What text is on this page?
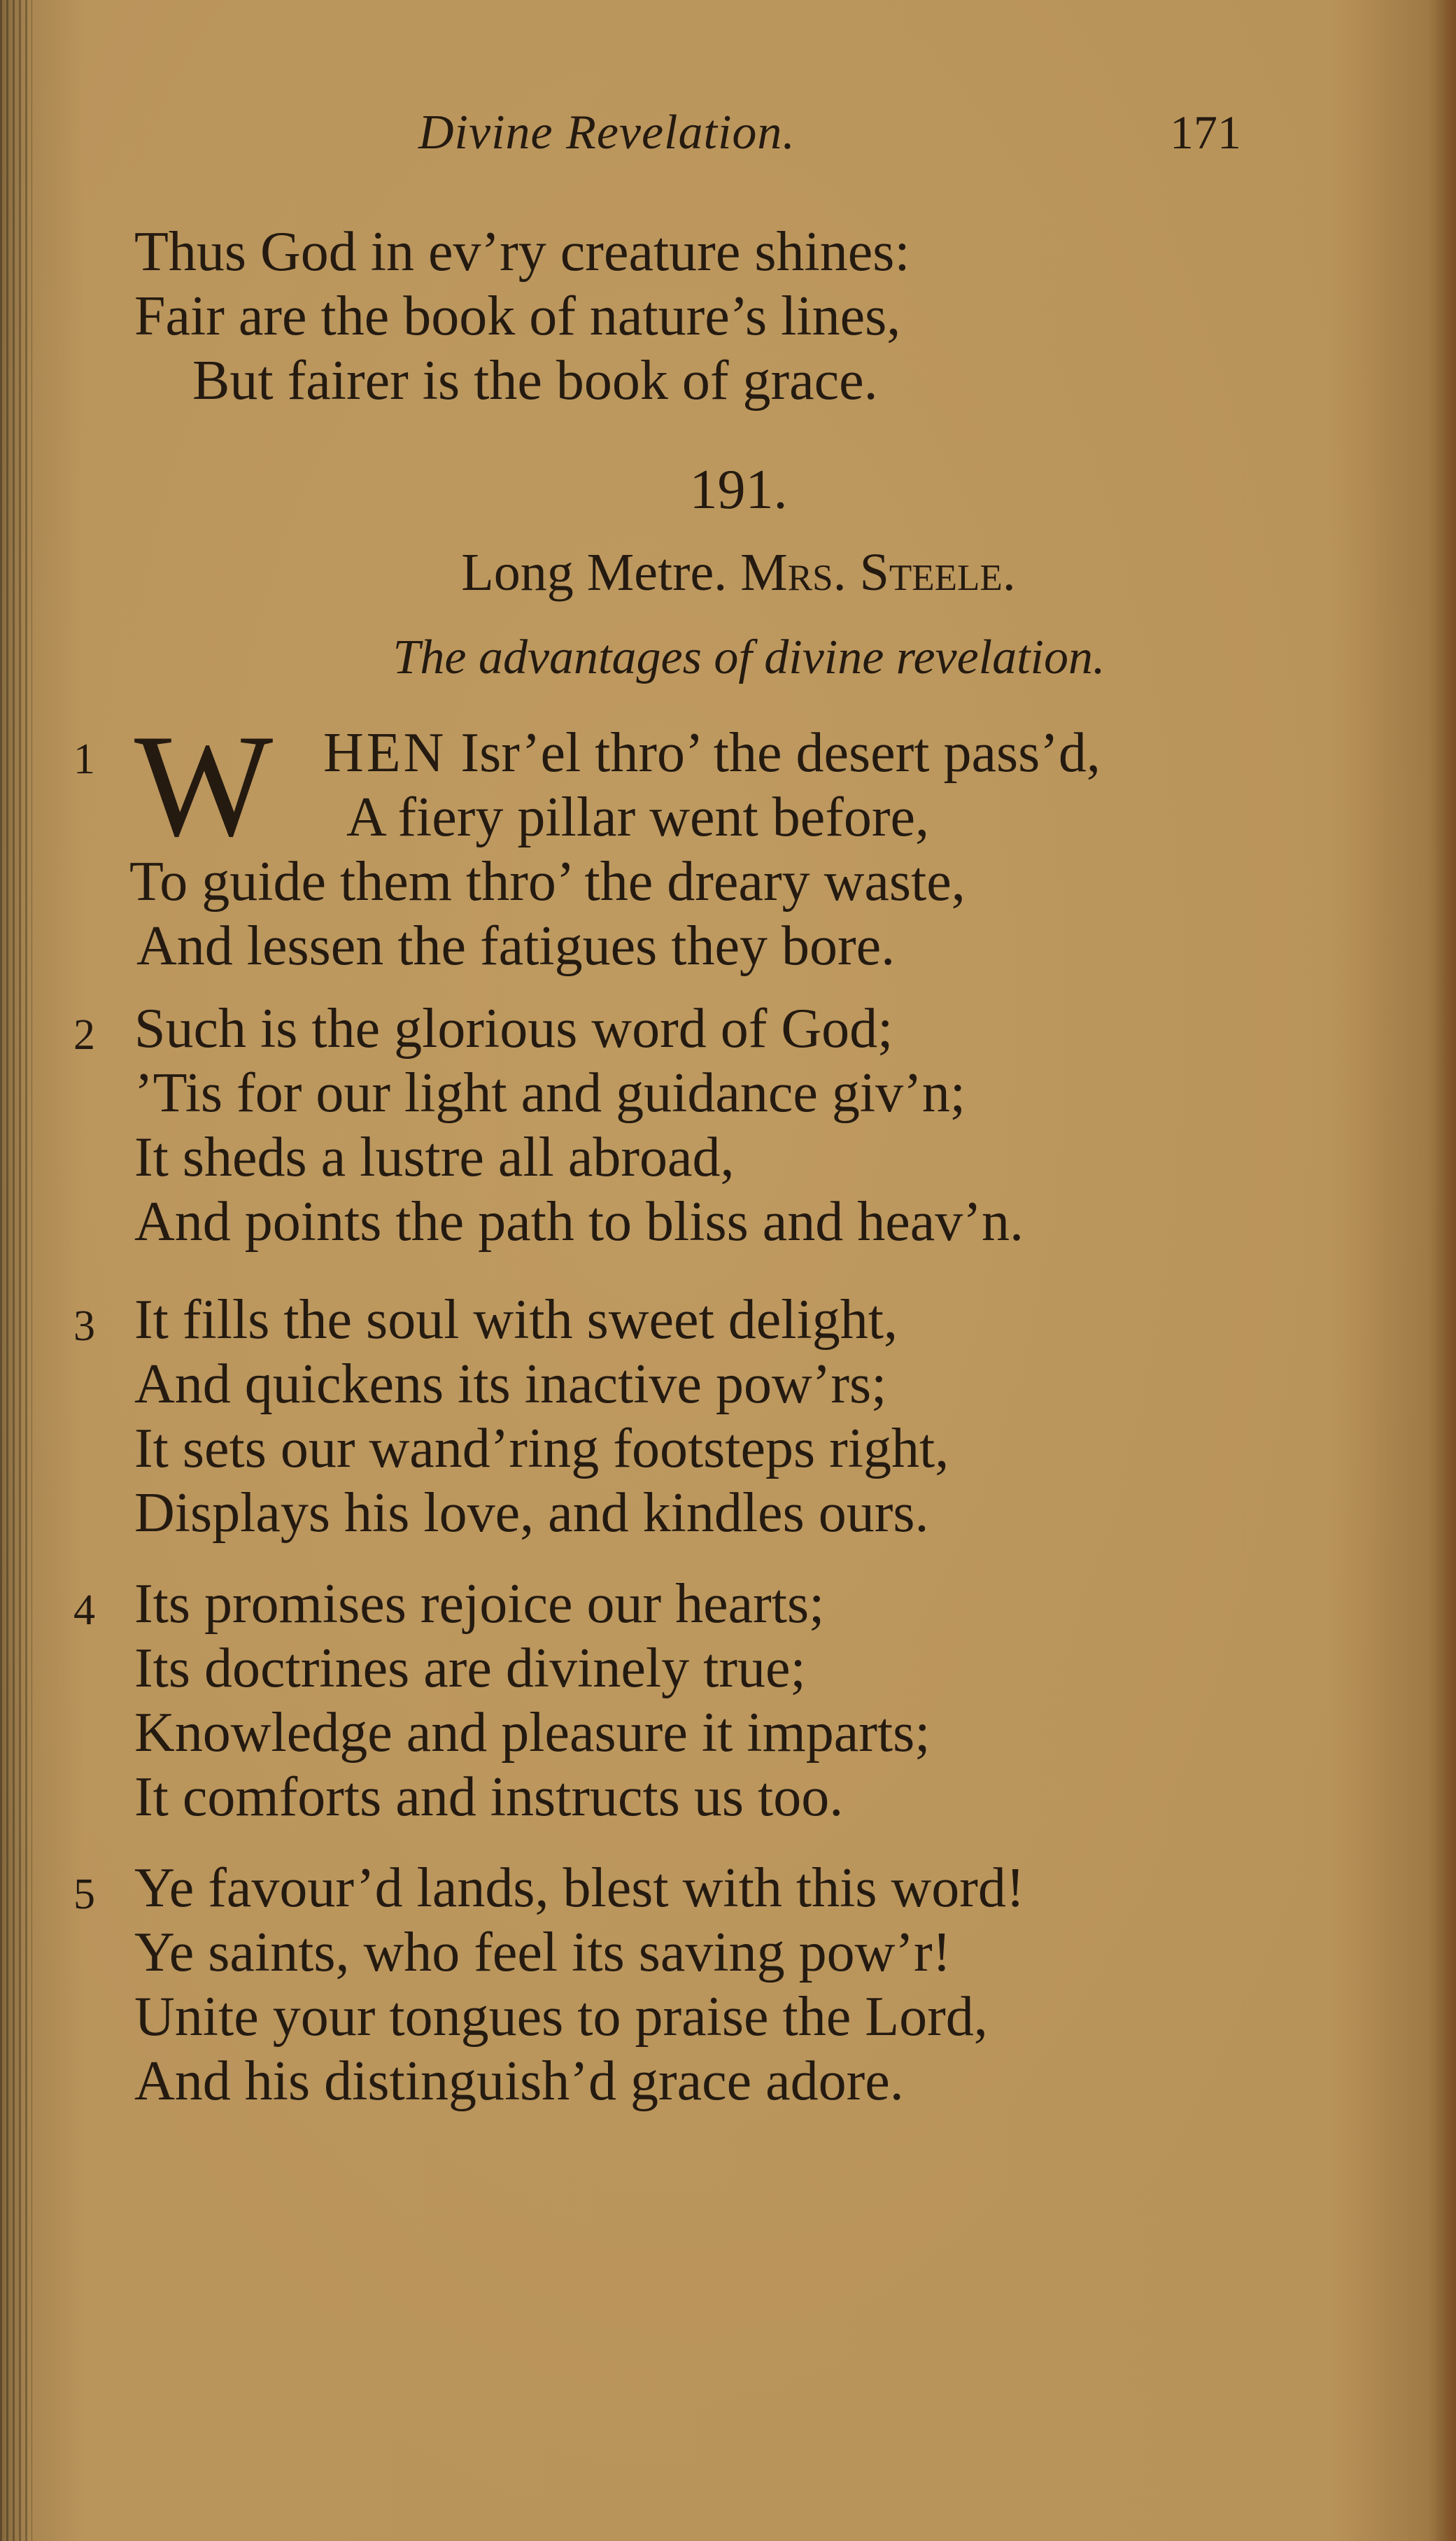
Divine Revelation.	171
Thus God in ev’ry creature shines:
Fair are the book of nature’s lines,
But fairer is the book of grace.
191.
Long Metre. Mrs. Steele.
The advantages of divine revelation.
1 W HEN Isr’el thro’ the desert pass’d,
A fiery pillar went before,
To guide them thro’ the dreary waste,
And lessen the fatigues they bore.
2 Such is the glorious word of God;
’Tis for our light and guidance giv’n;
It sheds a lustre all abroad,
And points the path to bliss and heav’n.
3 It fills the soul with sweet delight,
And quickens its inactive pow’rs;
It sets our wand’ring footsteps right,
Displays his love, and kindles ours.
4 Its promises rejoice our hearts;
Its doctrines are divinely true;
Knowledge and pleasure it imparts;
It comforts and instructs us too.
5 Ye favour’d lands, blest with this word!
Ye saints, who feel its saving pow’r!
Unite your tongues to praise the Lord,
And his distinguish’d grace adore.
